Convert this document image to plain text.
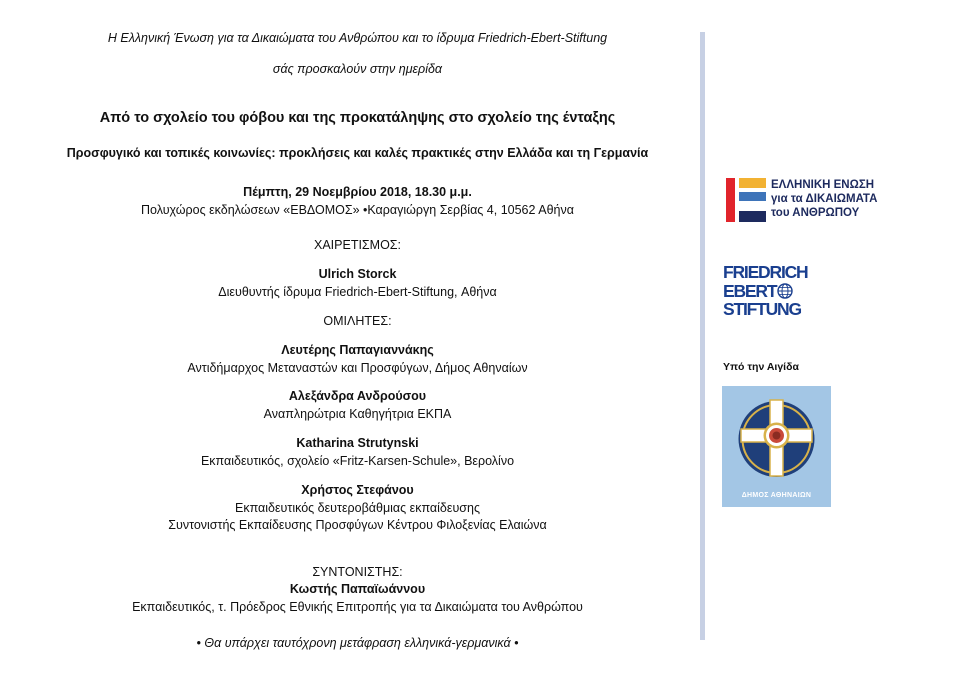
Η Ελληνική Ένωση για τα Δικαιώματα του Ανθρώπου και το ίδρυμα Friedrich-Ebert-Stiftung
σάς προσκαλούν στην ημερίδα
Από το σχολείο του φόβου και της προκατάληψης στο σχολείο της ένταξης
Προσφυγικό και τοπικές κοινωνίες: προκλήσεις και καλές πρακτικές στην Ελλάδα και τη Γερμανία
Πέμπτη, 29 Νοεμβρίου 2018, 18.30 μ.μ.
Πολυχώρος εκδηλώσεων «ΕΒΔΟΜΟΣ» •Καραγιώργη Σερβίας 4, 10562 Αθήνα
ΧΑΙΡΕΤΙΣΜΟΣ:
Ulrich Storck
Διευθυντής ίδρυμα Friedrich-Ebert-Stiftung, Αθήνα
ΟΜΙΛΗΤΕΣ:
Λευτέρης Παπαγιαννάκης
Αντιδήμαρχος Μεταναστών και Προσφύγων, Δήμος Αθηναίων
Αλεξάνδρα Ανδρούσου
Αναπληρώτρια Καθηγήτρια ΕΚΠΑ
Katharina Strutynski
Εκπαιδευτικός, σχολείο «Fritz-Karsen-Schule», Βερολίνο
Χρήστος Στεφάνου
Εκπαιδευτικός δευτεροβάθμιας εκπαίδευσης
Συντονιστής Εκπαίδευσης Προσφύγων Κέντρου Φιλοξενίας Ελαιώνα
ΣΥΝΤΟΝΙΣΤΗΣ:
Κωστής Παπαϊωάννου
Εκπαιδευτικός, τ. Πρόεδρος Εθνικής Επιτροπής για τα Δικαιώματα του Ανθρώπου
• Θα υπάρχει ταυτόχρονη μετάφραση ελληνικά-γερμανικά •
ΕΛΛΗΝΙΚΗ ΕΝΩΣΗ
για τα ΔΙΚΑΙΩΜΑΤΑ
του ΑΝΘΡΩΠΟΥ
FRIEDRICH
EBERT
STIFTUNG
Υπό την Αιγίδα
ΔΗΜΟΣ ΑΘΗΝΑΙΩΝ
